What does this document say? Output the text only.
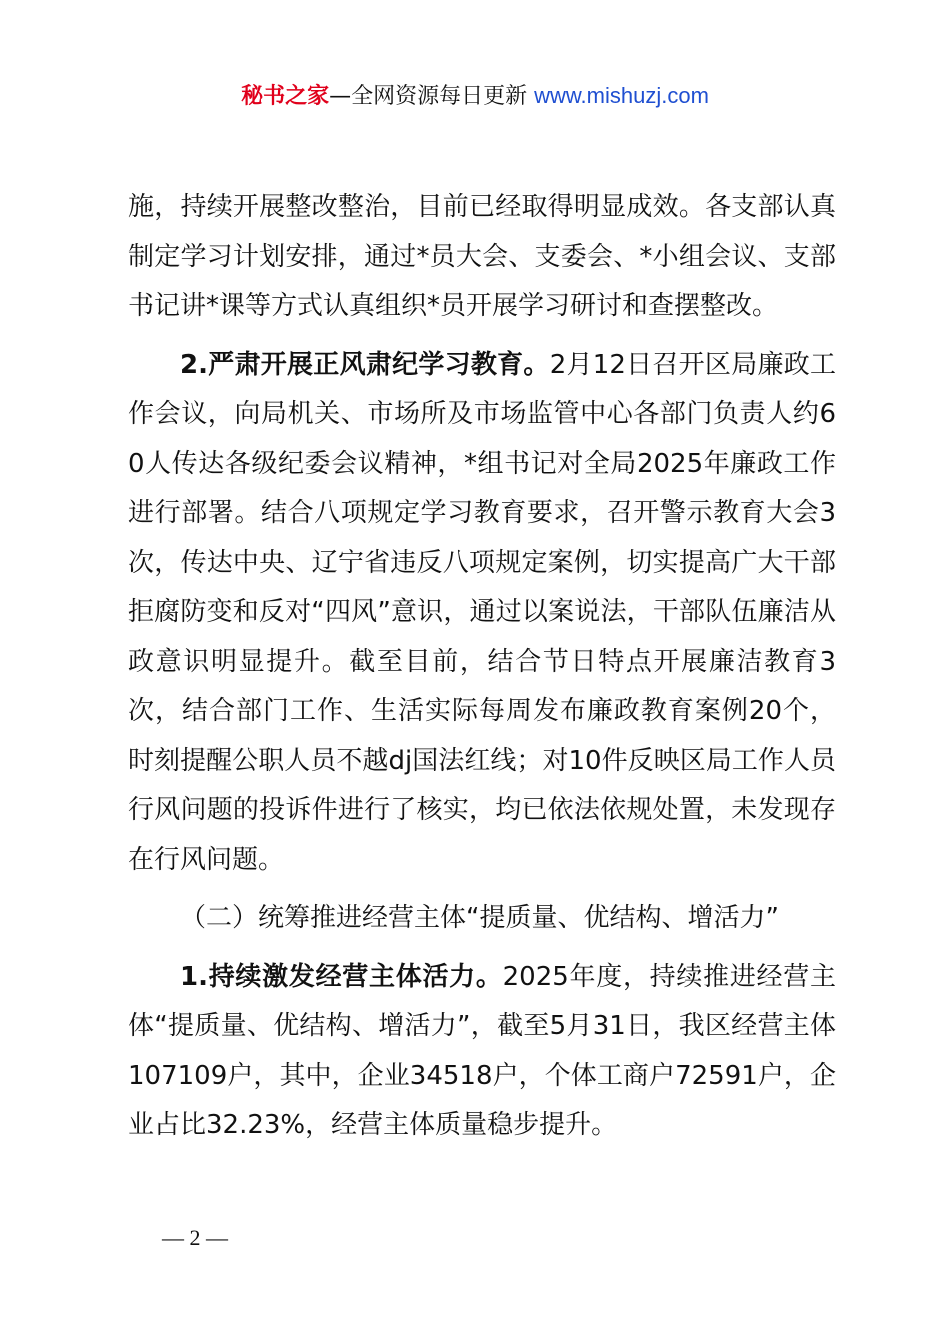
秘书之家—全网资源每日更新 www.mishuzj.com

施，持续开展整改整治，目前已经取得明显成效。各支部认真制定学习计划安排，通过*员大会、支委会、*小组会议、支部书记讲*课等方式认真组织*员开展学习研讨和查摆整改。

2.严肃开展正风肃纪学习教育。2月12日召开区局廉政工作会议，向局机关、市场所及市场监管中心各部门负责人约60人传达各级纪委会议精神，*组书记对全局2025年廉政工作进行部署。结合八项规定学习教育要求，召开警示教育大会3次，传达中央、辽宁省违反八项规定案例，切实提高广大干部拒腐防变和反对“四风”意识，通过以案说法，干部队伍廉洁从政意识明显提升。截至目前，结合节日特点开展廉洁教育3次，结合部门工作、生活实际每周发布廉政教育案例20个，时刻提醒公职人员不越dj国法红线；对10件反映区局工作人员行风问题的投诉件进行了核实，均已依法依规处置，未发现存在行风问题。

（二）统筹推进经营主体“提质量、优结构、增活力”

1.持续激发经营主体活力。2025年度，持续推进经营主体“提质量、优结构、增活力”，截至5月31日，我区经营主体107109户，其中，企业34518户，个体工商户72591户，企业占比32.23%，经营主体质量稳步提升。

— 2 —
